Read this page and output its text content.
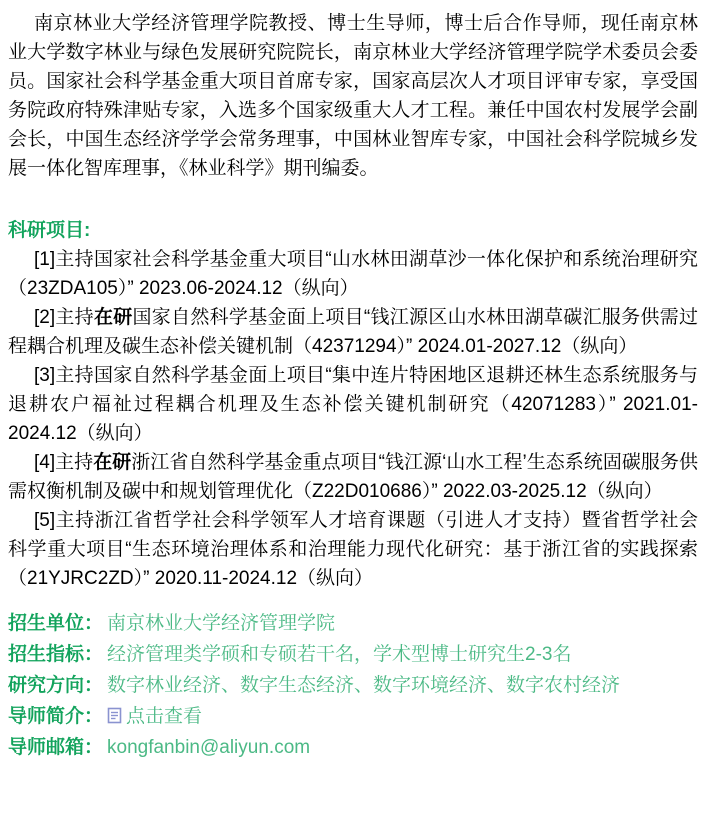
南京林业大学经济管理学院教授、博士生导师，博士后合作导师，现任南京林业大学数字林业与绿色发展研究院院长，南京林业大学经济管理学院学术委员会委员。国家社会科学基金重大项目首席专家，国家高层次人才项目评审专家，享受国务院政府特殊津贴专家，入选多个国家级重大人才工程。兼任中国农村发展学会副会长，中国生态经济学学会常务理事，中国林业智库专家，中国社会科学院城乡发展一体化智库理事，《林业科学》期刊编委。

科研项目:

[1]主持国家社会科学基金重大项目“山水林田湖草沙一体化保护和系统治理研究（23ZDA105）” 2023.06-2024.12（纵向）

[2]主持在研国家自然科学基金面上项目“钱江源区山水林田湖草碳汇服务供需过程耦合机理及碳生态补偿关键机制（42371294）” 2024.01-2027.12（纵向）

[3]主持国家自然科学基金面上项目“集中连片特困地区退耕还林生态系统服务与退耕农户福祉过程耦合机理及生态补偿关键机制研究（42071283）” 2021.01-2024.12（纵向）

[4]主持在研浙江省自然科学基金重点项目“钱江源‘山水工程’生态系统固碳服务供需权衡机制及碳中和规划管理优化（Z22D010686）” 2022.03-2025.12（纵向）

[5]主持浙江省哲学社会科学领军人才培育课题（引进人才支持）暨省哲学社会科学重大项目“生态环境治理体系和治理能力现代化研究：基于浙江省的实践探索（21YJRC2ZD）” 2020.11-2024.12（纵向）

招生单位： 南京林业大学经济管理学院

招生指标： 经济管理类学硕和专硕若干名，学术型博士研究生2-3名

研究方向： 数字林业经济、数字生态经济、数字环境经济、数字农村经济

导师简介： 点击查看

导师邮箱： kongfanbin@aliyun.com
